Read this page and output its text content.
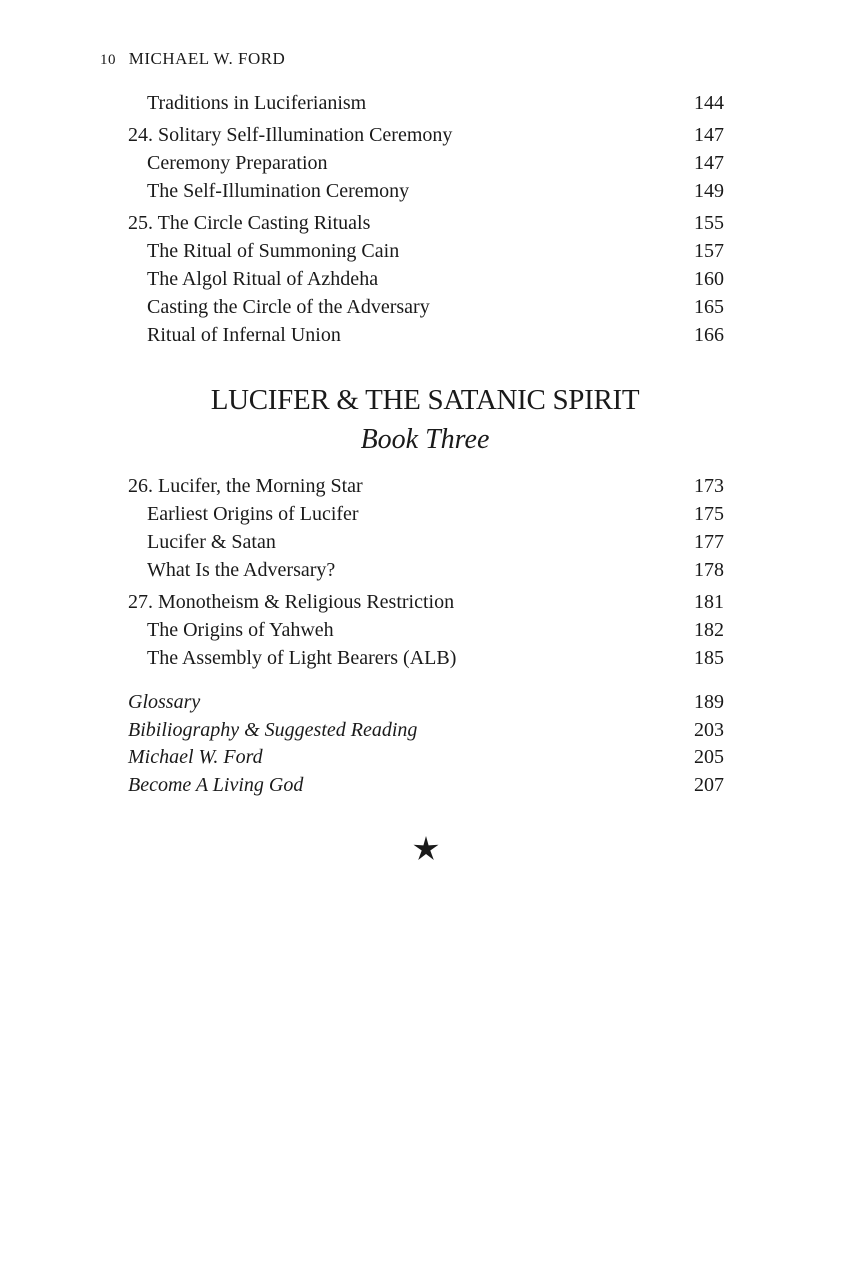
10 MICHAEL W. FORD
Traditions in Luciferianism	144
24. Solitary Self-Illumination Ceremony	147
Ceremony Preparation	147
The Self-Illumination Ceremony	149
25. The Circle Casting Rituals	155
The Ritual of Summoning Cain	157
The Algol Ritual of Azhdeha	160
Casting the Circle of the Adversary	165
Ritual of Infernal Union	166
LUCIFER & THE SATANIC SPIRIT
Book Three
26. Lucifer, the Morning Star	173
Earliest Origins of Lucifer	175
Lucifer & Satan	177
What Is the Adversary?	178
27. Monotheism & Religious Restriction	181
The Origins of Yahweh	182
The Assembly of Light Bearers (ALB)	185
Glossary	189
Bibiliography & Suggested Reading	203
Michael W. Ford	205
Become A Living God	207
